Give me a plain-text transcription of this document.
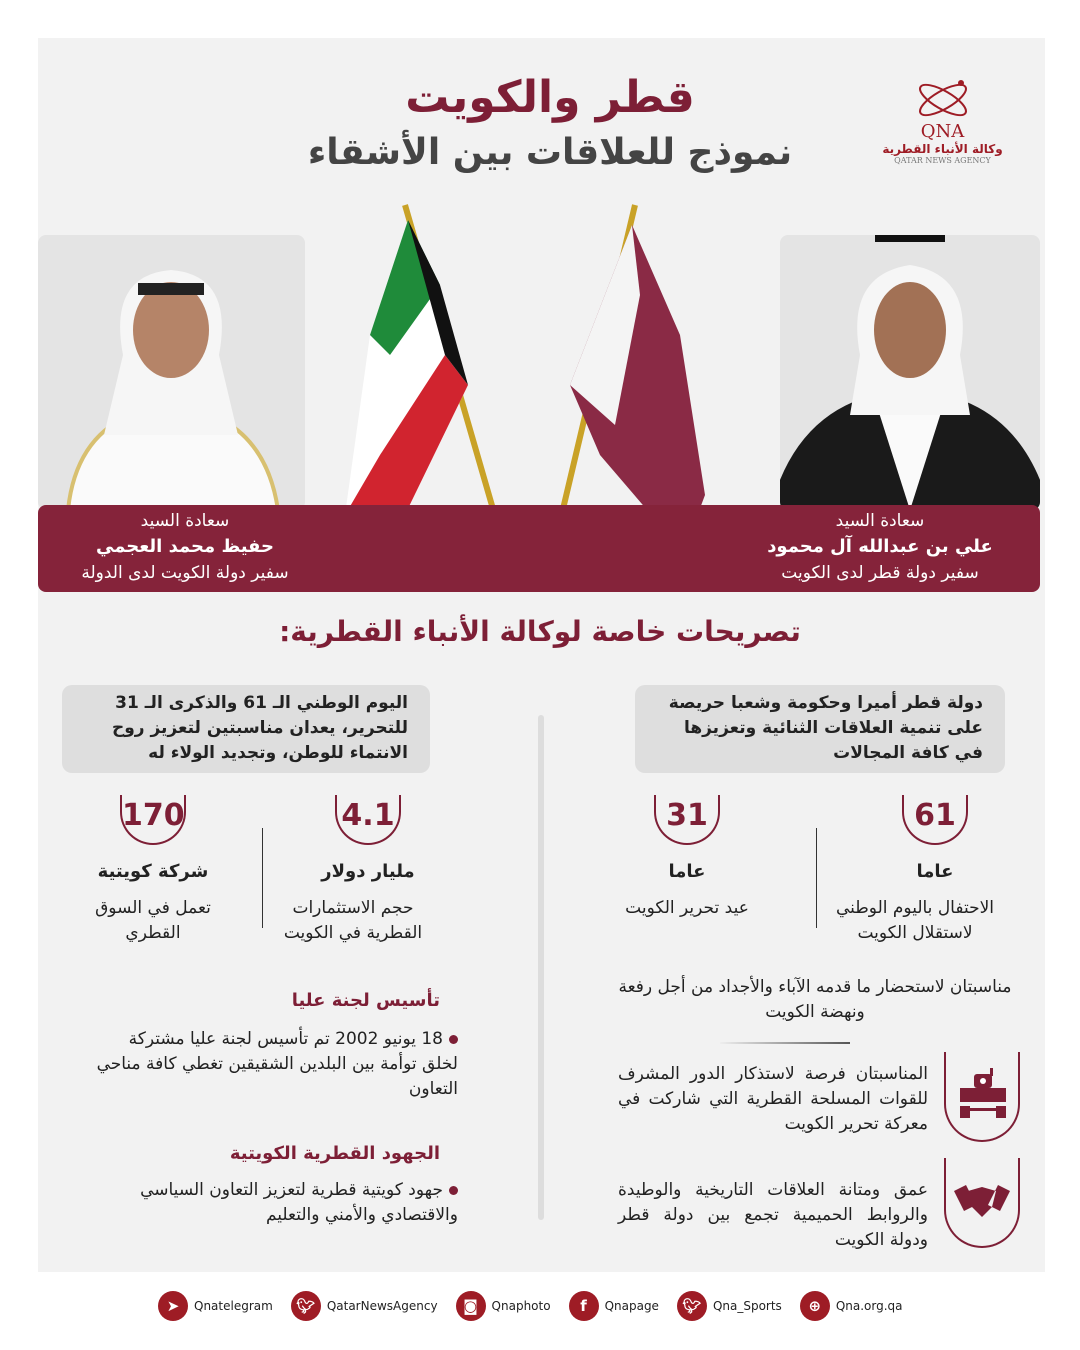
قطر والكويت
نموذج للعلاقات بين الأشقاء
QNA
وكالة الأنباء القطرية
QATAR NEWS AGENCY
سعادة السيد
علي بن عبدالله آل محمود
سفير دولة قطر لدى الكويت
سعادة السيد
حفيظ محمد العجمي
سفير دولة الكويت لدى الدولة
تصريحات خاصة لوكالة الأنباء القطرية:
دولة قطر أميرا وحكومة وشعبا حريصة على تنمية العلاقات الثنائية وتعزيزها في كافة المجالات
61
عاما
الاحتفال باليوم الوطني لاستقلال الكويت
31
عاما
عيد تحرير الكويت
مناسبتان لاستحضار ما قدمه الآباء والأجداد من أجل رفعة ونهضة الكويت
المناسبتان فرصة لاستذكار الدور المشرف للقوات المسلحة القطرية التي شاركت في معركة تحرير الكويت
عمق ومتانة العلاقات التاريخية والوطيدة والروابط الحميمية تجمع بين دولة قطر ودولة الكويت
اليوم الوطني الـ 61 والذكرى الـ 31 للتحرير، يعدان مناسبتين لتعزيز روح الانتماء للوطن، وتجديد الولاء له
4.1
مليار دولار
حجم الاستثمارات القطرية في الكويت
170
شركة كويتية
تعمل في السوق القطري
تأسيس لجنة عليا
18 يونيو 2002 تم تأسيس لجنة عليا مشتركة لخلق توأمة بين البلدين الشقيقين تغطي كافة مناحي التعاون
الجهود القطرية الكويتية
جهود كويتية قطرية لتعزيز التعاون السياسي والاقتصادي والأمني والتعليم
➤	Qnatelegram	🐦︎ QatarNewsAgency	◙	Qnaphoto	f	Qnapage	🐦︎ Qna_Sports	⊕	Qna.org.qa
